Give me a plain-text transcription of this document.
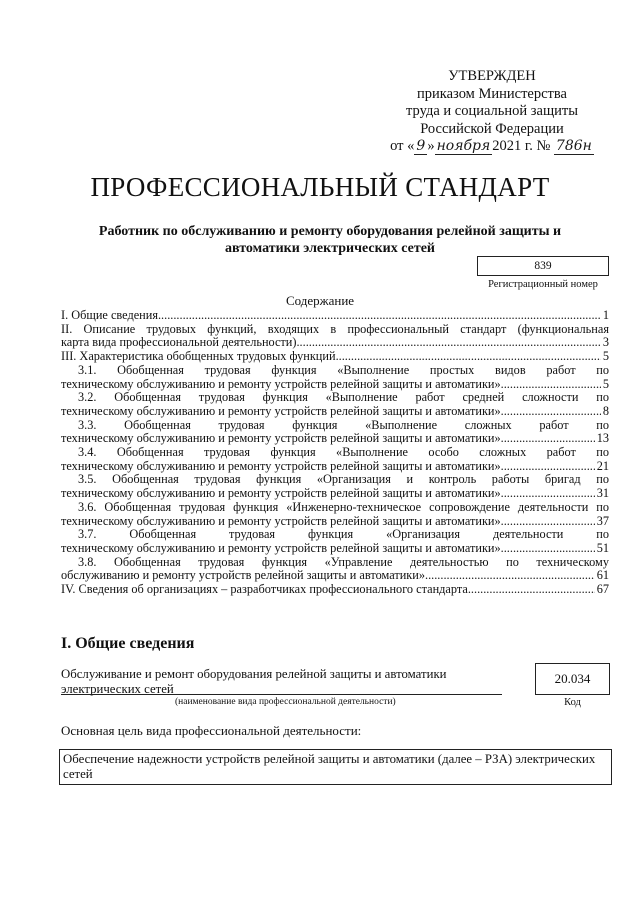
УТВЕРЖДЕН
приказом Министерства
труда и социальной защиты
Российской Федерации
от « 9 » ноября 2021 г. № 786н
ПРОФЕССИОНАЛЬНЫЙ СТАНДАРТ
Работник по обслуживанию и ремонту оборудования релейной защиты и автоматики электрических сетей
839
Регистрационный номер
Содержание
I. Общие сведения .....	1
II. Описание трудовых функций, входящих в профессиональный стандарт (функциональная
карта вида профессиональной деятельности) .....	3
III. Характеристика обобщенных трудовых функций .....	5
3.1. Обобщенная трудовая функция «Выполнение простых видов работ по
техническому обслуживанию и ремонту устройств релейной защиты и автоматики» .....	5
3.2. Обобщенная трудовая функция «Выполнение работ средней сложности по
техническому обслуживанию и ремонту устройств релейной защиты и автоматики» .....	8
3.3. Обобщенная трудовая функция «Выполнение сложных работ по
техническому обслуживанию и ремонту устройств релейной защиты и автоматики» .....	13
3.4. Обобщенная трудовая функция «Выполнение особо сложных работ по
техническому обслуживанию и ремонту устройств релейной защиты и автоматики» .....	21
3.5. Обобщенная трудовая функция «Организация и контроль работы бригад по
техническому обслуживанию и ремонту устройств релейной защиты и автоматики» .....	31
3.6. Обобщенная трудовая функция «Инженерно-техническое сопровождение деятельности по
техническому обслуживанию и ремонту устройств релейной защиты и автоматики» .....	37
3.7. Обобщенная трудовая функция «Организация деятельности по
техническому обслуживанию и ремонту устройств релейной защиты и автоматики» .....	51
3.8. Обобщенная трудовая функция «Управление деятельностью по техническому
обслуживанию и ремонту устройств релейной защиты и автоматики» .....	61
IV. Сведения об организациях – разработчиках профессионального стандарта .....	67
I. Общие сведения
Обслуживание и ремонт оборудования релейной защиты и автоматики электрических сетей
(наименование вида профессиональной деятельности)
20.034
Код
Основная цель вида профессиональной деятельности:
Обеспечение надежности устройств релейной защиты и автоматики (далее – РЗА) электрических сетей
